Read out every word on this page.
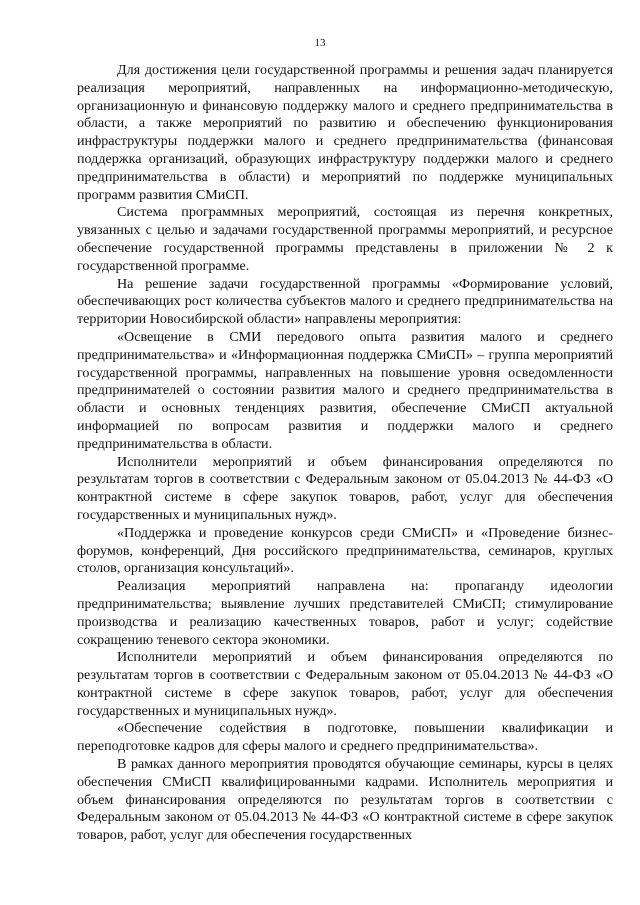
13

Для достижения цели государственной программы и решения задач планируется реализация мероприятий, направленных на информационно-методическую, организационную и финансовую поддержку малого и среднего предпринимательства в области, а также мероприятий по развитию и обеспечению функционирования инфраструктуры поддержки малого и среднего предпринимательства (финансовая поддержка организаций, образующих инфраструктуру поддержки малого и среднего предпринимательства в области) и мероприятий по поддержке муниципальных программ развития СМиСП.

Система программных мероприятий, состоящая из перечня конкретных, увязанных с целью и задачами государственной программы мероприятий, и ресурсное обеспечение государственной программы представлены в приложении № 2 к государственной программе.

На решение задачи государственной программы «Формирование условий, обеспечивающих рост количества субъектов малого и среднего предпринимательства на территории Новосибирской области» направлены мероприятия:

«Освещение в СМИ передового опыта развития малого и среднего предпринимательства» и «Информационная поддержка СМиСП» – группа мероприятий государственной программы, направленных на повышение уровня осведомленности предпринимателей о состоянии развития малого и среднего предпринимательства в области и основных тенденциях развития, обеспечение СМиСП актуальной информацией по вопросам развития и поддержки малого и среднего предпринимательства в области.

Исполнители мероприятий и объем финансирования определяются по результатам торгов в соответствии с Федеральным законом от 05.04.2013 № 44-ФЗ «О контрактной системе в сфере закупок товаров, работ, услуг для обеспечения государственных и муниципальных нужд».

«Поддержка и проведение конкурсов среди СМиСП» и «Проведение бизнес-форумов, конференций, Дня российского предпринимательства, семинаров, круглых столов, организация консультаций».

Реализация мероприятий направлена на: пропаганду идеологии предпринимательства; выявление лучших представителей СМиСП; стимулирование производства и реализацию качественных товаров, работ и услуг; содействие сокращению теневого сектора экономики.

Исполнители мероприятий и объем финансирования определяются по результатам торгов в соответствии с Федеральным законом от 05.04.2013 № 44-ФЗ «О контрактной системе в сфере закупок товаров, работ, услуг для обеспечения государственных и муниципальных нужд».

«Обеспечение содействия в подготовке, повышении квалификации и переподготовке кадров для сферы малого и среднего предпринимательства».

В рамках данного мероприятия проводятся обучающие семинары, курсы в целях обеспечения СМиСП квалифицированными кадрами. Исполнитель мероприятия и объем финансирования определяются по результатам торгов в соответствии с Федеральным законом от 05.04.2013 № 44-ФЗ «О контрактной системе в сфере закупок товаров, работ, услуг для обеспечения государственных
